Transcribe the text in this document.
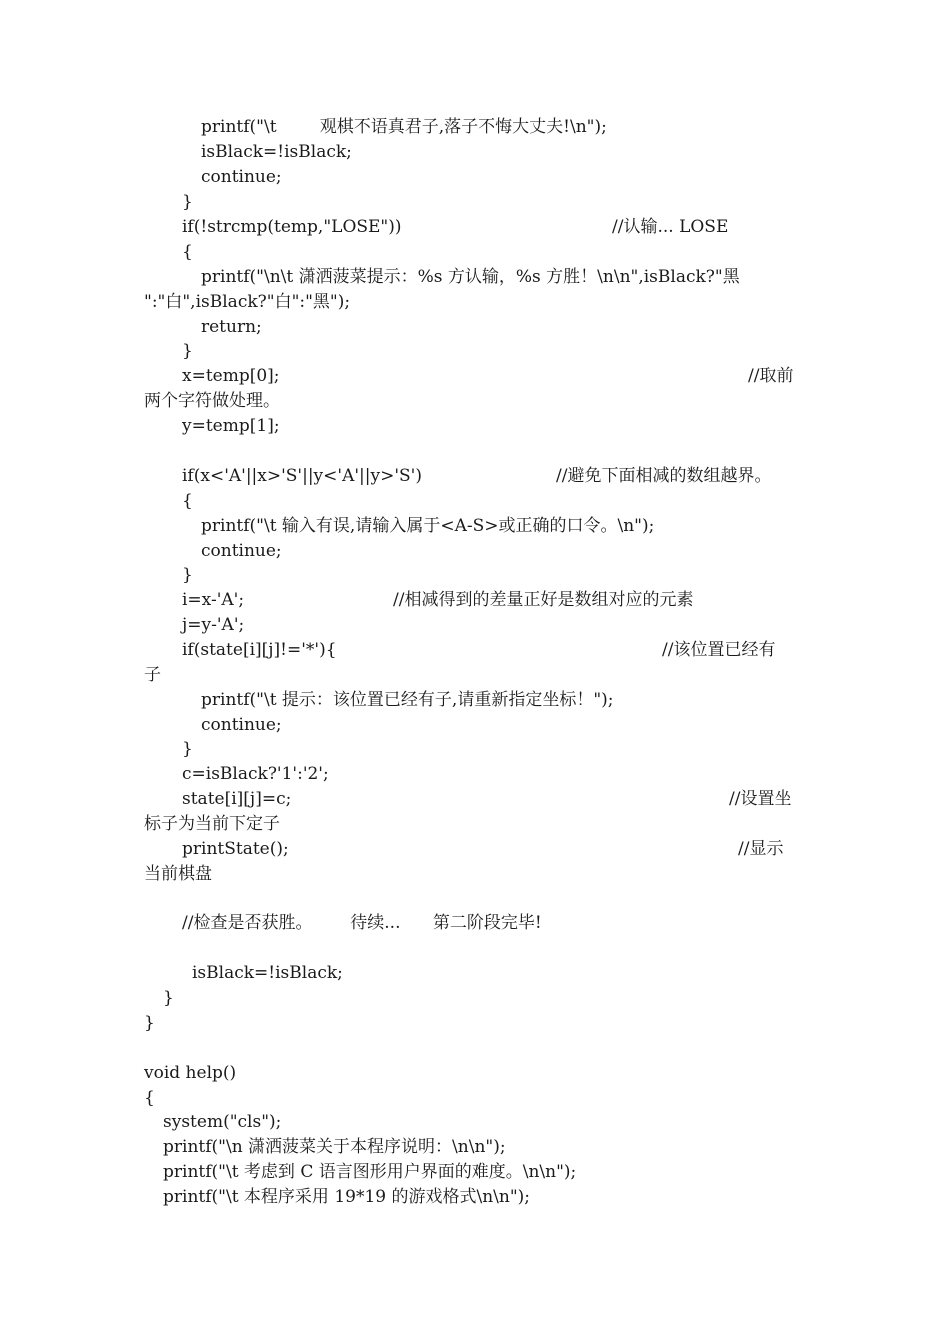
printf("\t        观棋不语真君子,落子不悔大丈夫!\n");
isBlack=!isBlack;
continue;
}
if(!strcmp(temp,"LOSE"))	//认输... LOSE
{
printf("\n\t 潇洒菠菜提示：%s 方认输，%s 方胜！\n\n",isBlack?"黑
":"白",isBlack?"白":"黑");
return;
}
x=temp[0];	//取前
两个字符做处理。
y=temp[1];
if(x<'A'||x>'S'||y<'A'||y>'S')	//避免下面相减的数组越界。
{
printf("\t 输入有误,请输入属于<A-S>或正确的口令。\n");
continue;
}
i=x-'A';	//相减得到的差量正好是数组对应的元素
j=y-'A';
if(state[i][j]!='*'){	//该位置已经有
子
printf("\t 提示：该位置已经有子,请重新指定坐标！");
continue;
}
c=isBlack?'1':'2';
state[i][j]=c;	//设置坐
标子为当前下定子
printState();	//显示
当前棋盘
//检查是否获胜。       待续...      第二阶段完毕!
isBlack=!isBlack;
}
}
void help()
{
system("cls");
printf("\n 潇洒菠菜关于本程序说明：\n\n");
printf("\t 考虑到 C 语言图形用户界面的难度。\n\n");
printf("\t 本程序采用 19*19 的游戏格式\n\n");
